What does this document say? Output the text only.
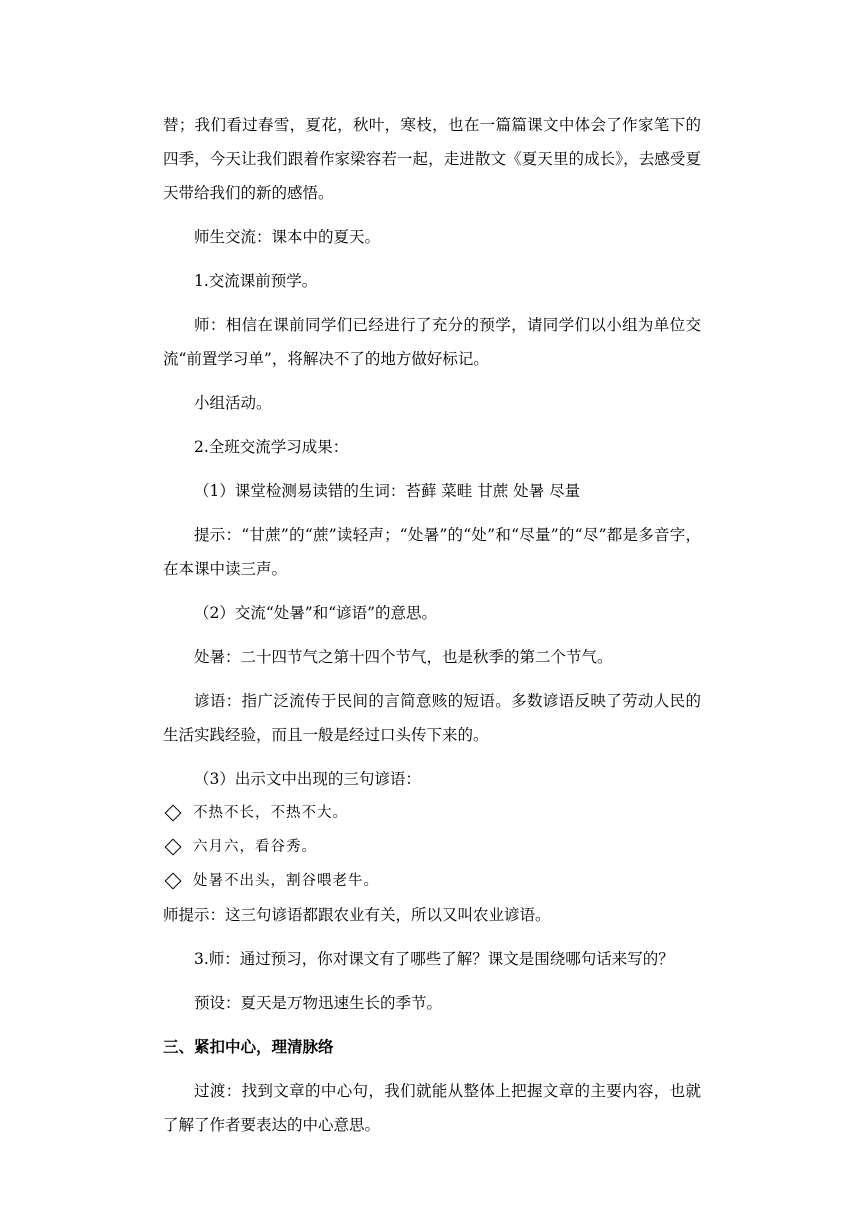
替；我们看过春雪，夏花，秋叶，寒枝，也在一篇篇课文中体会了作家笔下的四季，今天让我们跟着作家梁容若一起，走进散文《夏天里的成长》，去感受夏天带给我们的新的感悟。

师生交流：课本中的夏天。

1.交流课前预学。

师：相信在课前同学们已经进行了充分的预学，请同学们以小组为单位交流“前置学习单”，将解决不了的地方做好标记。

小组活动。

2.全班交流学习成果：

（1）课堂检测易读错的生词：苔藓 菜畦 甘蔗 处暑 尽量

提示：“甘蔗”的“蔗”读轻声；“处暑”的“处”和“尽量”的“尽”都是多音字，在本课中读三声。

（2）交流“处暑”和“谚语”的意思。

处暑：二十四节气之第十四个节气，也是秋季的第二个节气。

谚语：指广泛流传于民间的言简意赅的短语。多数谚语反映了劳动人民的生活实践经验，而且一般是经过口头传下来的。

（3）出示文中出现的三句谚语：

不热不长，不热不大。
六月六，看谷秀。
处暑不出头，割谷喂老牛。

师提示：这三句谚语都跟农业有关，所以又叫农业谚语。

3.师：通过预习，你对课文有了哪些了解？课文是围绕哪句话来写的？

预设：夏天是万物迅速生长的季节。

三、紧扣中心，理清脉络

过渡：找到文章的中心句，我们就能从整体上把握文章的主要内容，也就了解了作者要表达的中心意思。
